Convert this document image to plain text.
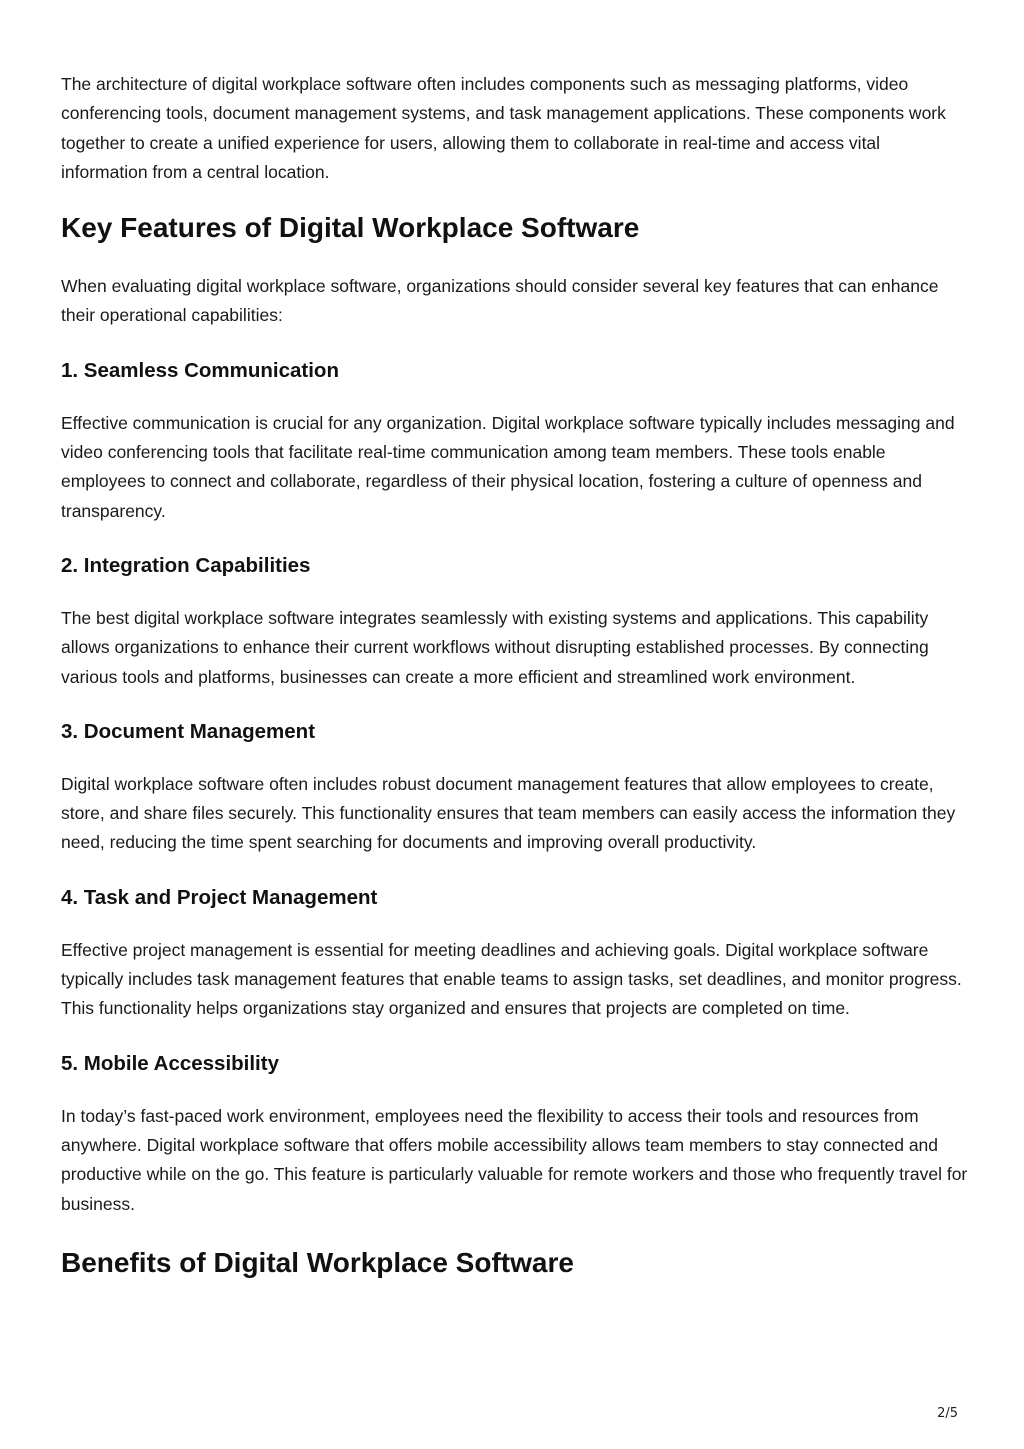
The architecture of digital workplace software often includes components such as messaging platforms, video conferencing tools, document management systems, and task management applications. These components work together to create a unified experience for users, allowing them to collaborate in real-time and access vital information from a central location.

Key Features of Digital Workplace Software

When evaluating digital workplace software, organizations should consider several key features that can enhance their operational capabilities:

1. Seamless Communication

Effective communication is crucial for any organization. Digital workplace software typically includes messaging and video conferencing tools that facilitate real-time communication among team members. These tools enable employees to connect and collaborate, regardless of their physical location, fostering a culture of openness and transparency.

2. Integration Capabilities

The best digital workplace software integrates seamlessly with existing systems and applications. This capability allows organizations to enhance their current workflows without disrupting established processes. By connecting various tools and platforms, businesses can create a more efficient and streamlined work environment.

3. Document Management

Digital workplace software often includes robust document management features that allow employees to create, store, and share files securely. This functionality ensures that team members can easily access the information they need, reducing the time spent searching for documents and improving overall productivity.

4. Task and Project Management

Effective project management is essential for meeting deadlines and achieving goals. Digital workplace software typically includes task management features that enable teams to assign tasks, set deadlines, and monitor progress. This functionality helps organizations stay organized and ensures that projects are completed on time.

5. Mobile Accessibility

In today’s fast-paced work environment, employees need the flexibility to access their tools and resources from anywhere. Digital workplace software that offers mobile accessibility allows team members to stay connected and productive while on the go. This feature is particularly valuable for remote workers and those who frequently travel for business.

Benefits of Digital Workplace Software
2/5
